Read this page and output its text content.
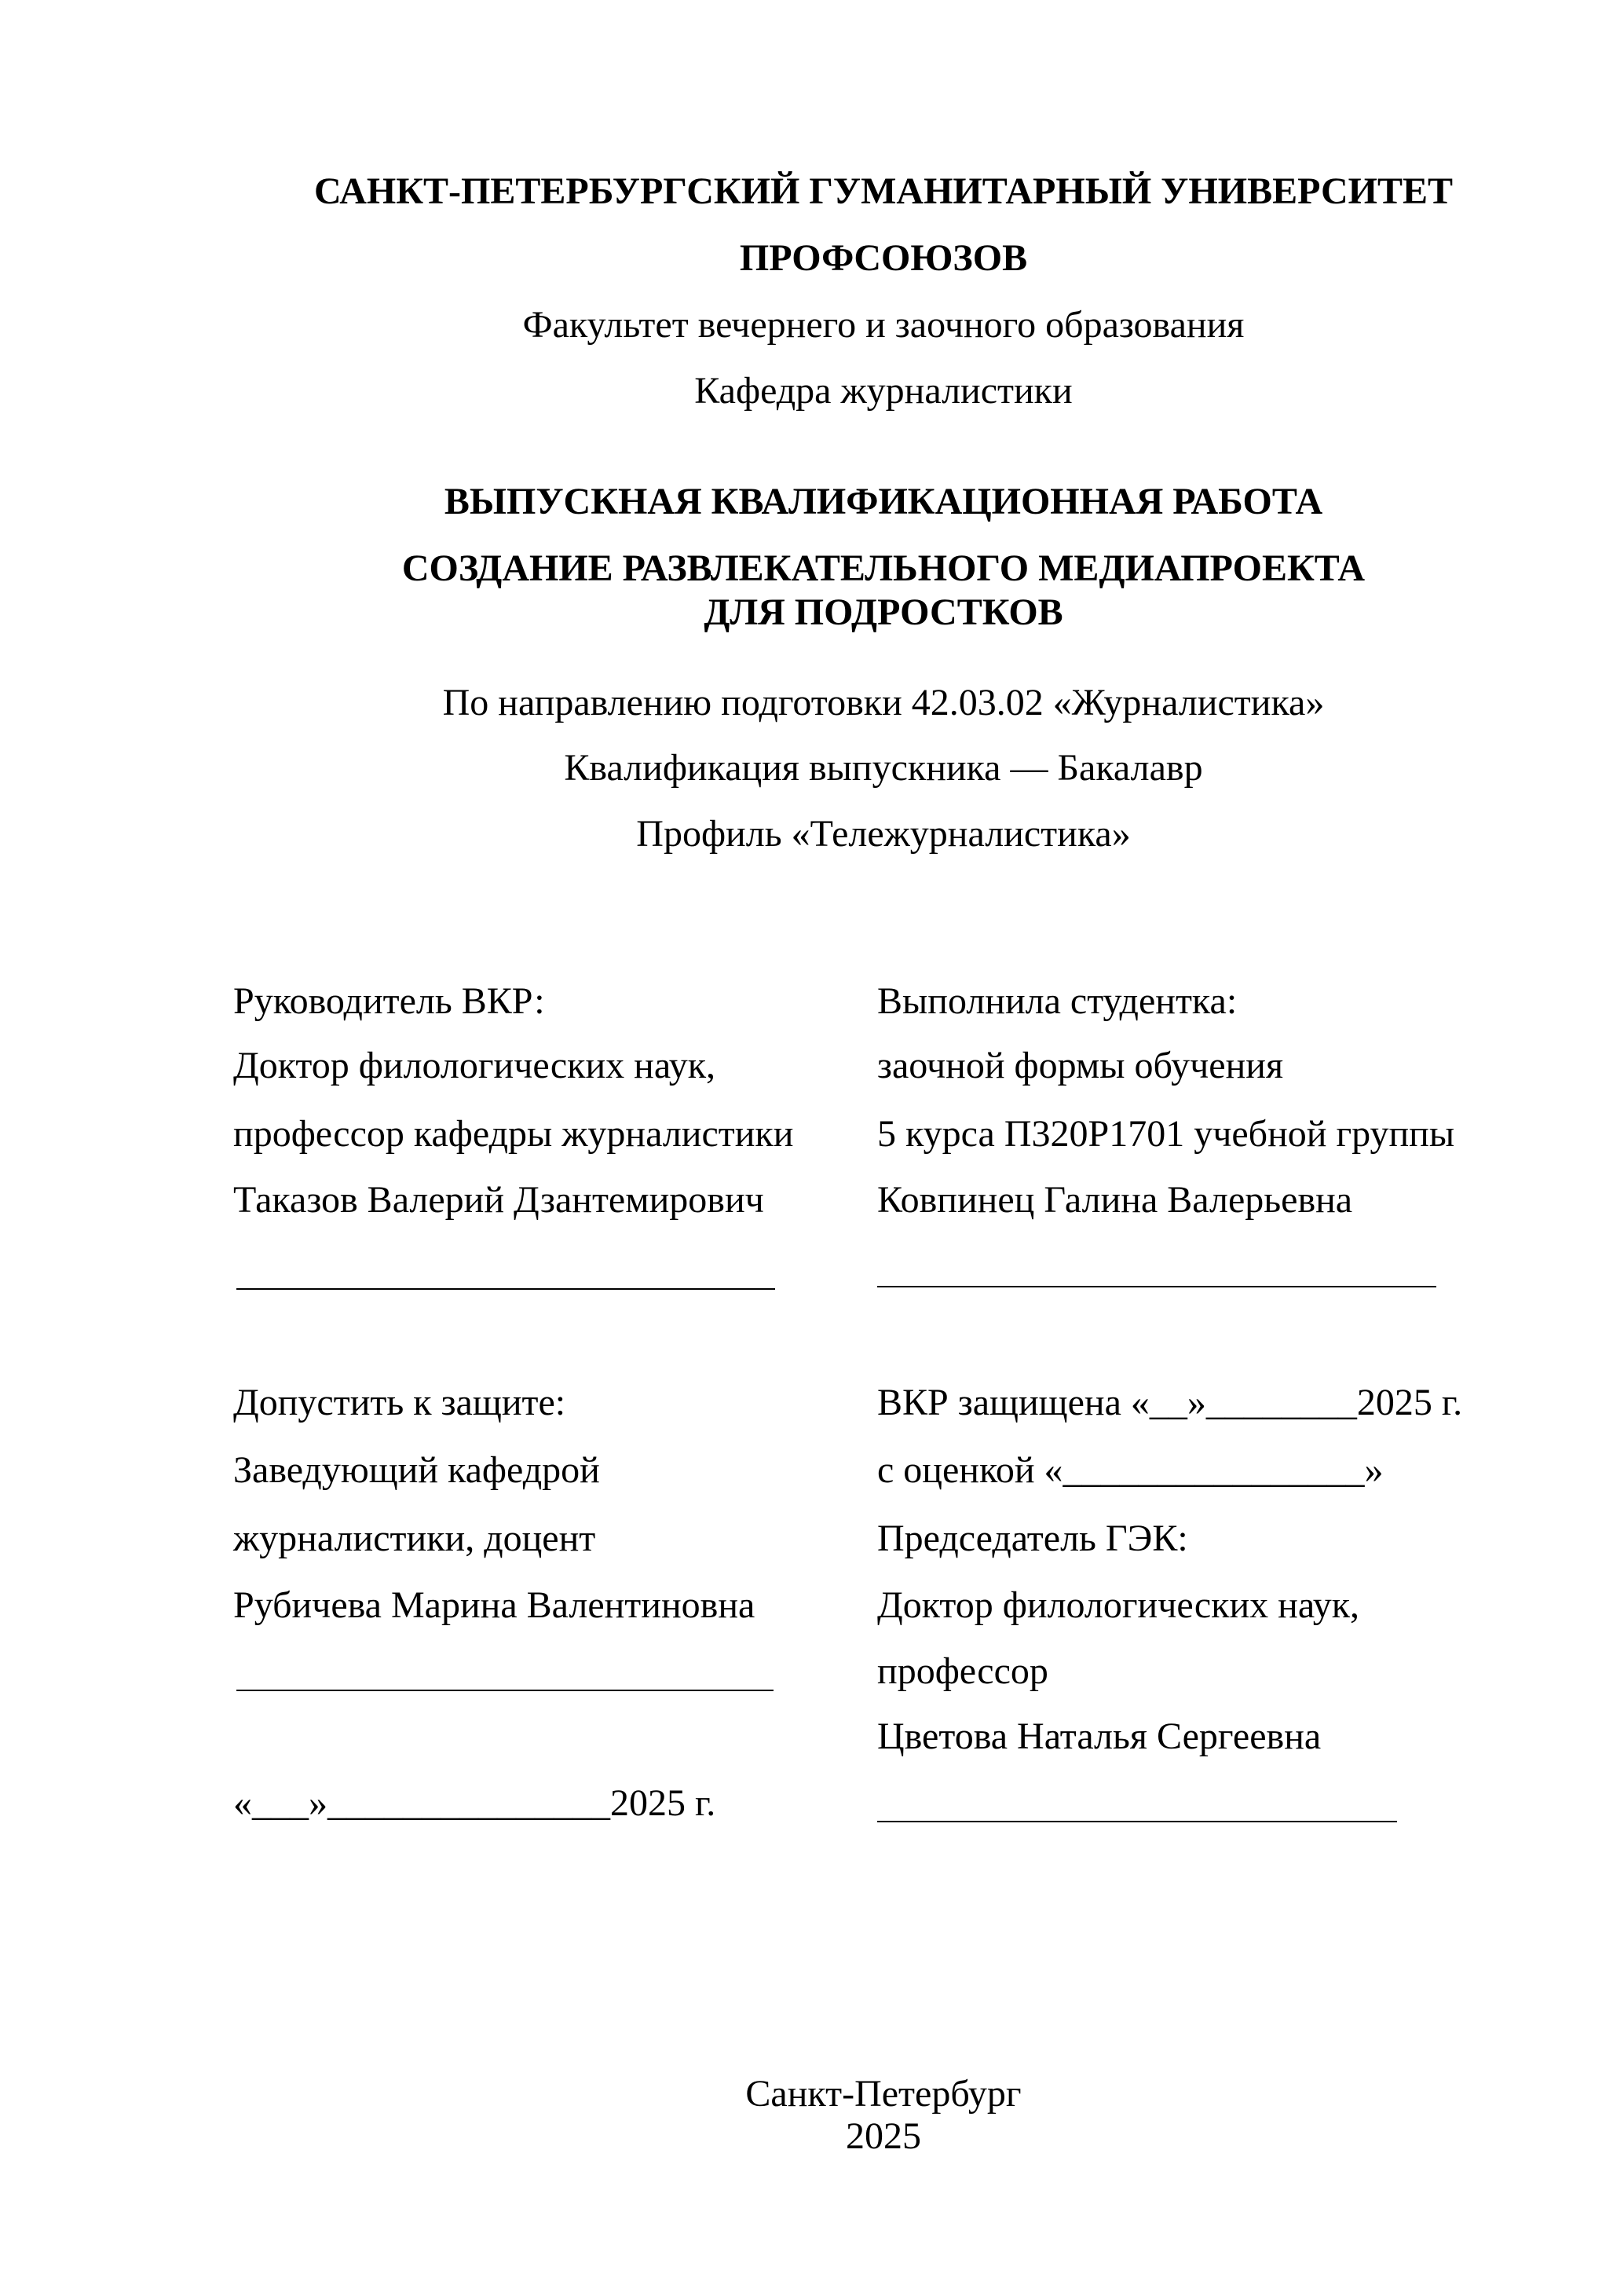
САНКТ-ПЕТЕРБУРГСКИЙ ГУМАНИТАРНЫЙ УНИВЕРСИТЕТ
ПРОФСОЮЗОВ
Факультет вечернего и заочного образования
Кафедра журналистики
ВЫПУСКНАЯ КВАЛИФИКАЦИОННАЯ РАБОТА
СОЗДАНИЕ РАЗВЛЕКАТЕЛЬНОГО МЕДИАПРОЕКТА
ДЛЯ ПОДРОСТКОВ
По направлению подготовки 42.03.02 «Журналистика»
Квалификация выпускника — Бакалавр
Профиль «Тележурналистика»
Руководитель ВКР:
Доктор филологических наук,
профессор кафедры журналистики
Таказов Валерий Дзантемирович
Выполнила студентка:
заочной формы обучения
5 курса П320Р1701 учебной группы
Ковпинец Галина Валерьевна
Допустить к защите:
Заведующий кафедрой
журналистики, доцент
Рубичева Марина Валентиновна
«___»_______________2025 г.
ВКР защищена «__»________2025 г.
с оценкой «________________»
Председатель ГЭК:
Доктор филологических наук,
профессор
Цветова Наталья Сергеевна
Санкт-Петербург
2025
